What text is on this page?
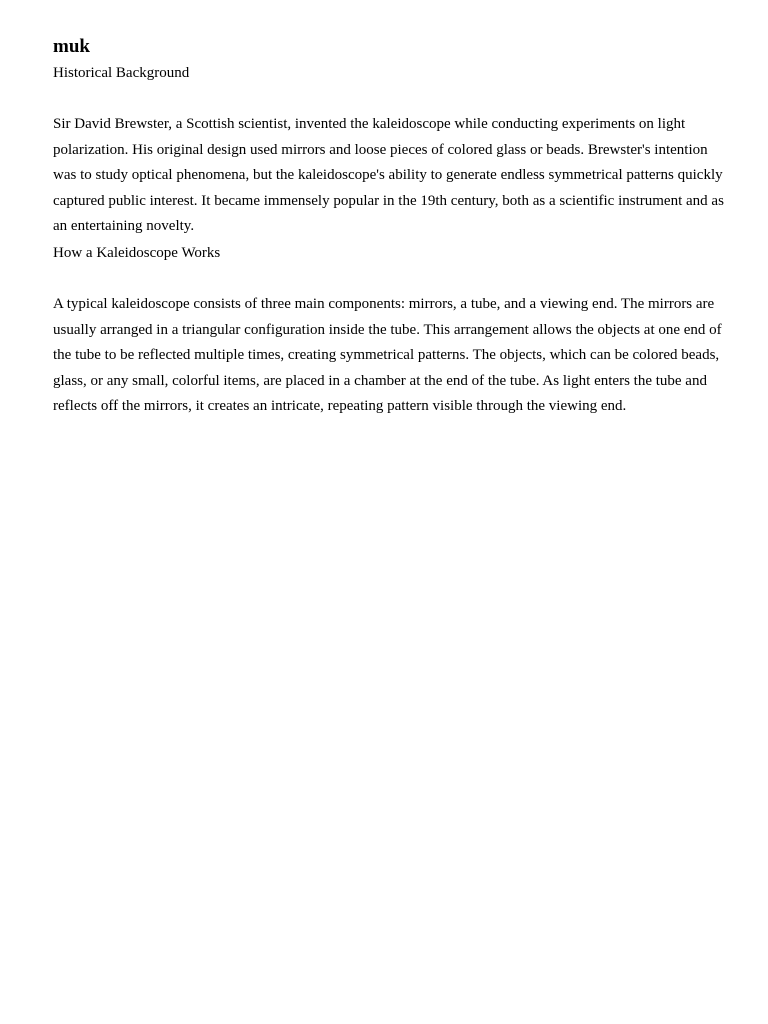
muk
Historical Background

Sir David Brewster, a Scottish scientist, invented the kaleidoscope while conducting experiments on light polarization. His original design used mirrors and loose pieces of colored glass or beads. Brewster's intention was to study optical phenomena, but the kaleidoscope's ability to generate endless symmetrical patterns quickly captured public interest. It became immensely popular in the 19th century, both as a scientific instrument and as an entertaining novelty.

How a Kaleidoscope Works

A typical kaleidoscope consists of three main components: mirrors, a tube, and a viewing end. The mirrors are usually arranged in a triangular configuration inside the tube. This arrangement allows the objects at one end of the tube to be reflected multiple times, creating symmetrical patterns. The objects, which can be colored beads, glass, or any small, colorful items, are placed in a chamber at the end of the tube. As light enters the tube and reflects off the mirrors, it creates an intricate, repeating pattern visible through the viewing end.
